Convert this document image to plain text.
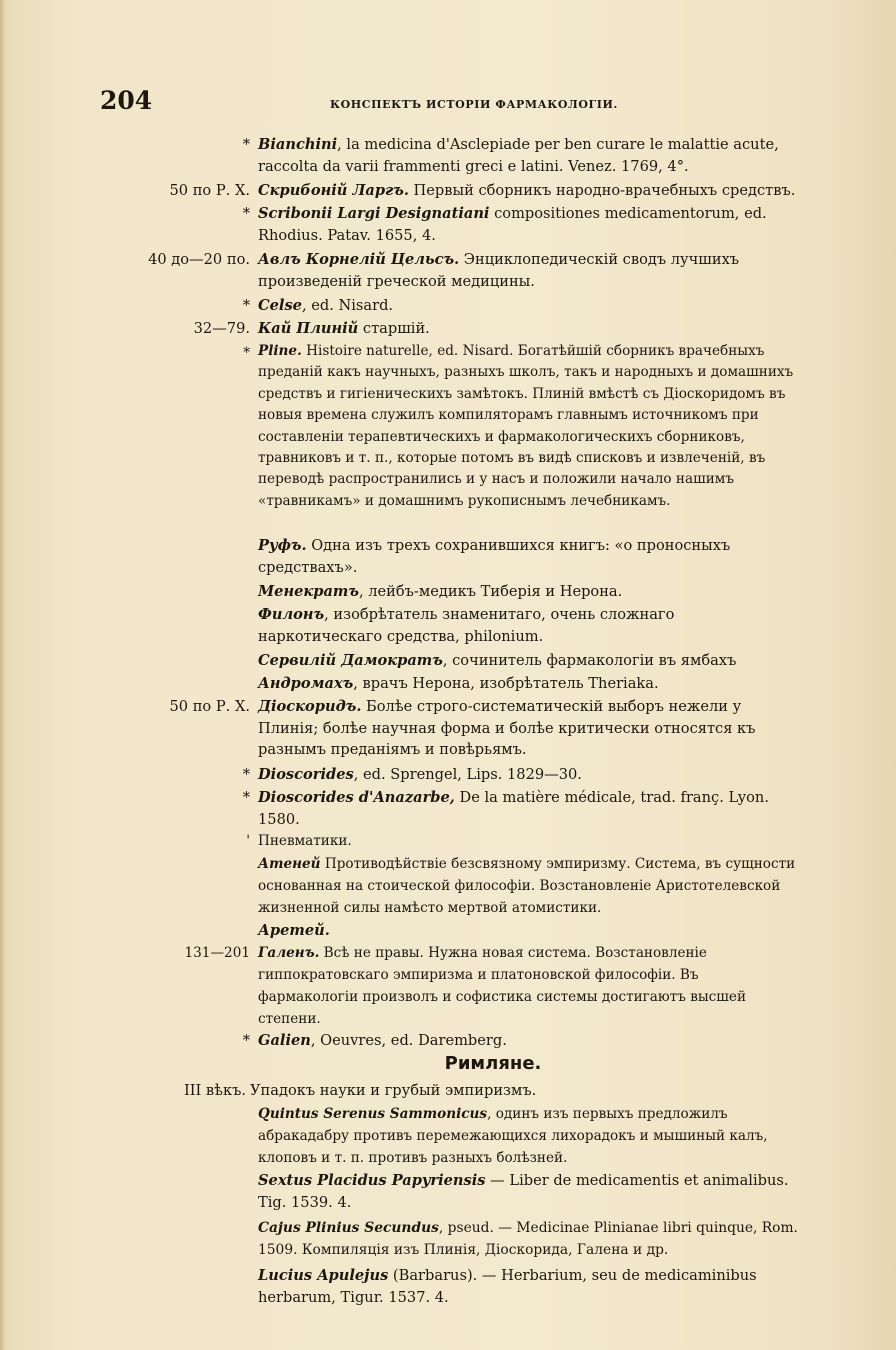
204	КОНСПЕКТЪ ИСТОРІИ ФАРМАКОЛОГІИ.
* Bianchini, la medicina d'Asclepiade per ben curare le malattie acute, raccolta da varii frammenti greci e latini. Venez. 1769, 4°.
50 по Р. Х. Скрибоній Ларгъ. Первый сборникъ народно-врачебныхъ средствъ.
* Scribonii Largi Designatiani compositiones medicamentorum, ed. Rhodius. Patav. 1655, 4.
40 до—20 по. Авлъ Корнелій Цельсъ. Энциклопедическій сводъ лучшихъ произведеній греческой медицины.
* Celse, ed. Nisard.
32—79. Кай Плиній старшій.
* Pline. Histoire naturelle, ed. Nisard. Богатѣйшій сборникъ врачебныхъ преданій какъ научныхъ, разныхъ школъ, такъ и народныхъ и домашнихъ средствъ и гигіеническихъ замѣтокъ. Плиній вмѣстѣ съ Діоскоридомъ въ новыя времена служилъ компиляторамъ главнымъ источникомъ при составленіи терапевтическихъ и фармакологическихъ сборниковъ, травниковъ и т. п., которые потомъ въ видѣ списковъ и извлеченій, въ переводѣ распространились и у насъ и положили начало нашимъ «травникамъ» и домашнимъ рукописнымъ лечебникамъ.
Руфъ. Одна изъ трехъ сохранившихся книгъ: «о проносныхъ средствахъ».
Менекратъ, лейбъ-медикъ Тиберія и Нерона.
Филонъ, изобрѣтатель знаменитаго, очень сложнаго наркотическаго средства, philonium.
Сервилій Дамократъ, сочинитель фармакологіи въ ямбахъ
Андромахъ, врачъ Нерона, изобрѣтатель Theriaka.
50 по Р. Х. Діоскоридъ. Болѣе строго-систематическій выборъ нежели у Плинія; болѣе научная форма и болѣе критически относятся къ разнымъ преданіямъ и повѣрьямъ.
* Dioscorides, ed. Sprengel, Lips. 1829—30.
* Dioscorides d'Anazarbe, De la matière médicale, trad. franç. Lyon. 1580.
' Пневматики.
Атеней Противодѣйствіе безсвязному эмпиризму. Система, въ сущности основанная на стоической философіи. Возстановленіе Аристотелевской жизненной силы намѣсто мертвой атомистики.
Аретей.
131—201 Галенъ. Всѣ не правы. Нужна новая система. Возстановленіе гиппократовскаго эмпиризма и платоновской философіи. Въ фармакологіи произволъ и софистика системы достигаютъ высшей степени.
* Galien, Oeuvres, ed. Daremberg.
III вѣкъ. Упадокъ науки и грубый эмпиризмъ.
Quintus Serenus Sammonicus, одинъ изъ первыхъ предложилъ абракадабру противъ перемежающихся лихорадокъ и мышиный калъ, клоповъ и т. п. противъ разныхъ болѣзней.
Sextus Placidus Papyriensis — Liber de medicamentis et animalibus. Tig. 1539. 4.
Cajus Plinius Secundus, pseud. — Medicinae Plinianae libri quinque, Rom. 1509. Компиляція изъ Плинія, Діоскорида, Галена и др.
Lucius Apulejus (Barbarus). — Herbarium, seu de medicaminibus herbarum, Tigur. 1537. 4.
Римляне.
